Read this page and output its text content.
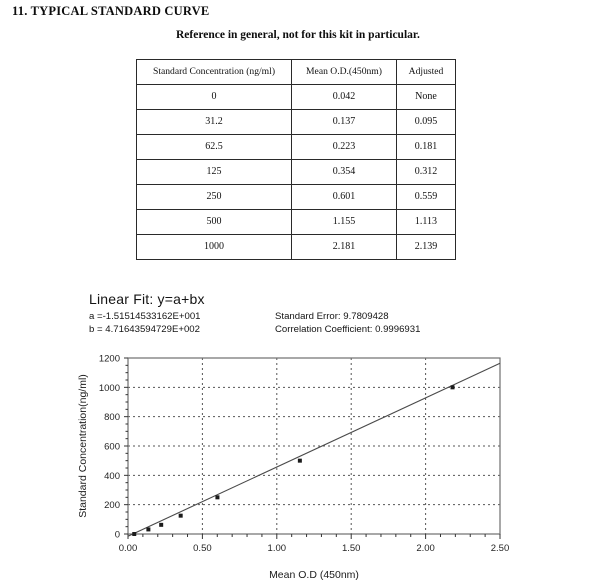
11. TYPICAL STANDARD CURVE
Reference in general, not for this kit in particular.
Standard Concentration (ng/ml)	Mean O.D.(450nm)	Adjusted
0	0.042	None
31.2	0.137	0.095
62.5	0.223	0.181
125	0.354	0.312
250	0.601	0.559
500	1.155	1.113
1000	2.181	2.139
Linear Fit: y=a+bx
a =-1.51514533162E+001	Standard Error: 9.7809428
b = 4.71643594729E+002	Correlation Coefficient: 0.9996931
0
200
400
600
800
1000
1200
0.00	0.50	1.00	1.50	2.00	2.50
Mean O.D (450nm)
Standard Concentration(ng/ml)
